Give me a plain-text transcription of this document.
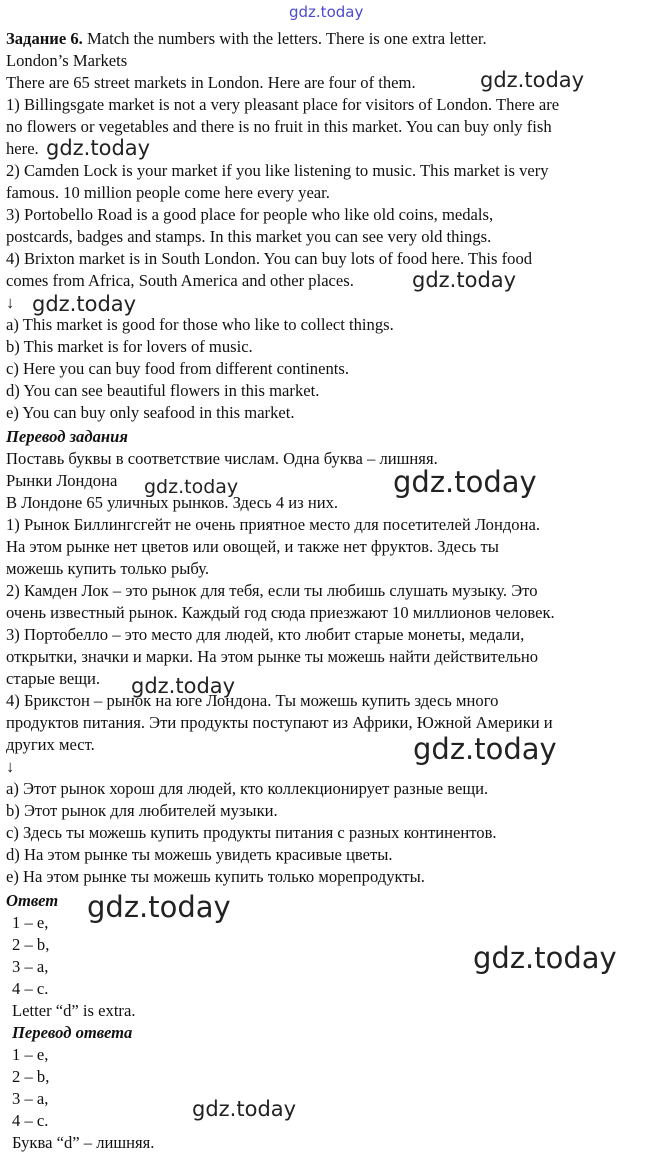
gdz.today
gdz.today
gdz.today
gdz.today
gdz.today
gdz.today	gdz.today
gdz.today
gdz.today
gdz.today
gdz.today
gdz.today
Задание 6. Match the numbers with the letters. There is one extra letter.
London’s Markets
There are 65 street markets in London. Here are four of them.
1) Billingsgate market is not a very pleasant place for visitors of London. There are
no flowers or vegetables and there is no fruit in this market. You can buy only fish
here.
2) Camden Lock is your market if you like listening to music. This market is very
famous. 10 million people come here every year.
3) Portobello Road is a good place for people who like old coins, medals,
postcards, badges and stamps. In this market you can see very old things.
4) Brixton market is in South London. You can buy lots of food here. This food
comes from Africa, South America and other places.
↓
a) This market is good for those who like to collect things.
b) This market is for lovers of music.
c) Here you can buy food from different continents.
d) You can see beautiful flowers in this market.
e) You can buy only seafood in this market.
Перевод задания
Поставь буквы в соответствие числам. Одна буква – лишняя.
Рынки Лондона
В Лондоне 65 уличных рынков. Здесь 4 из них.
1) Рынок Биллингсгейт не очень приятное место для посетителей Лондона.
На этом рынке нет цветов или овощей, и также нет фруктов. Здесь ты
можешь купить только рыбу.
2) Камден Лок – это рынок для тебя, если ты любишь слушать музыку. Это
очень известный рынок. Каждый год сюда приезжают 10 миллионов человек.
3) Портобелло – это место для людей, кто любит старые монеты, медали,
открытки, значки и марки. На этом рынке ты можешь найти действительно
старые вещи.
4) Брикстон – рынок на юге Лондона. Ты можешь купить здесь много
продуктов питания. Эти продукты поступают из Африки, Южной Америки и
других мест.
↓
a) Этот рынок хорош для людей, кто коллекционирует разные вещи.
b) Этот рынок для любителей музыки.
c) Здесь ты можешь купить продукты питания с разных континентов.
d) На этом рынке ты можешь увидеть красивые цветы.
e) На этом рынке ты можешь купить только морепродукты.
Ответ
1 – e,
2 – b,
3 – a,
4 – c.
Letter “d” is extra.
Перевод ответа
1 – e,
2 – b,
3 – a,
4 – c.
Буква “d” – лишняя.
